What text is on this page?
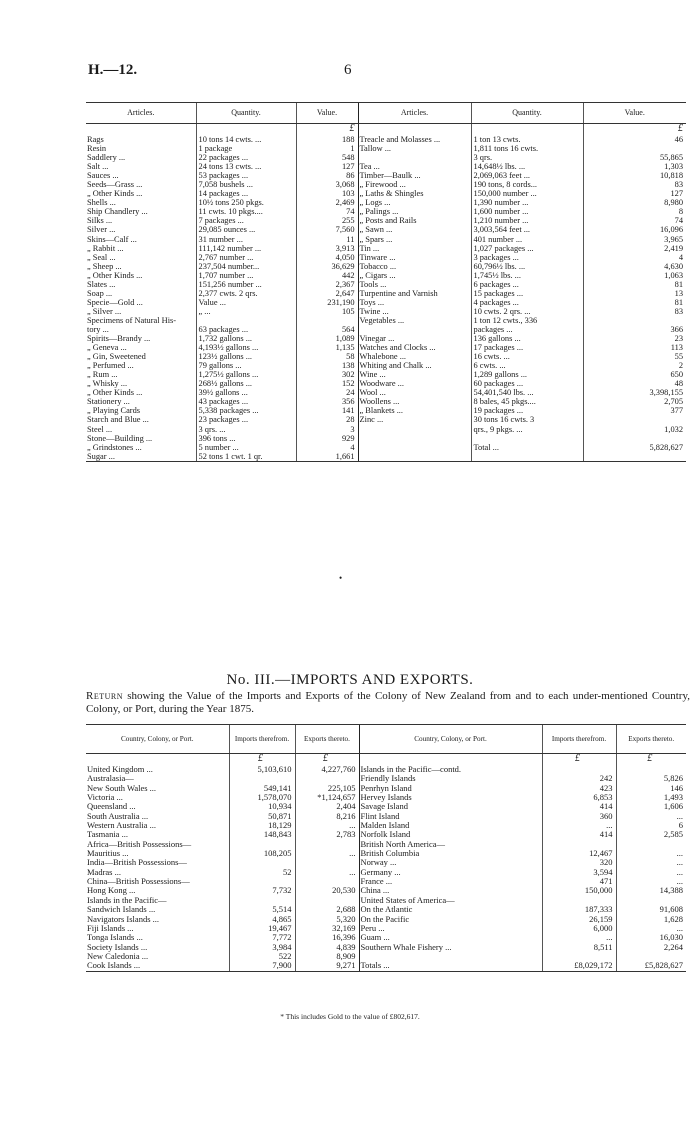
H.—12.	6
Articles.	Quantity.	Value.	Articles.	Quantity.	Value.
		£			£
Rags	10 tons 14 cwts. ...	188	Treacle and Molasses ...	1 ton 13 cwts.	46
Resin	1 package	1	Tallow ...	1,811 tons 16 cwts.	
Saddlery ...	22 packages ...	548		3 qrs.	55,865
Salt ...	24 tons 13 cwts. ...	127	Tea ...	14,648½ lbs. ...	1,303
Sauces ...	53 packages ...	86	Timber—Baulk ...	2,069,063 feet ...	10,818
Seeds—Grass ...	7,058 bushels ...	3,068	„ Firewood ...	190 tons, 8 cords...	83
„ Other Kinds ...	14 packages ...	103	„ Laths & Shingles	150,000 number ...	127
Shells ...	10½ tons 250 pkgs.	2,469	„ Logs ...	1,390 number ...	8,980
Ship Chandlery ...	11 cwts. 10 pkgs....	74	„ Palings ...	1,600 number ...	8
Silks ...	7 packages ...	255	„ Posts and Rails	1,210 number ...	74
Silver ...	29,085 ounces ...	7,560	„ Sawn ...	3,003,564 feet ...	16,096
Skins—Calf ...	31 number ...	11	„ Spars ...	401 number ...	3,965
„ Rabbit ...	111,142 number ...	3,913	Tin ...	1,027 packages ...	2,419
„ Seal ...	2,767 number ...	4,050	Tinware ...	3 packages ...	4
„ Sheep ...	237,504 number...	36,629	Tobacco ...	60,796½ lbs. ...	4,630
„ Other Kinds ...	1,707 number ...	442	„ Cigars ...	1,745½ lbs. ...	1,063
Slates ...	151,256 number ...	2,367	Tools ...	6 packages ...	81
Soap ...	2,377 cwts. 2 qrs.	2,647	Turpentine and Varnish	15 packages ...	13
Specie—Gold ...	Value ...	231,190	Toys ...	4 packages ...	81
„ Silver ...	„ ...	105	Twine ...	10 cwts. 2 qrs. ...	83
Specimens of Natural His-			Vegetables ...	1 ton 12 cwts., 336	
tory ...	63 packages ...	564		packages ...	366
Spirits—Brandy ...	1,732 gallons ...	1,089	Vinegar ...	136 gallons ...	23
„ Geneva ...	4,193½ gallons ...	1,135	Watches and Clocks ...	17 packages ...	113
„ Gin, Sweetened	123½ gallons ...	58	Whalebone ...	16 cwts. ...	55
„ Perfumed ...	79 gallons ...	138	Whiting and Chalk ...	6 cwts. ...	2
„ Rum ...	1,275½ gallons ...	302	Wine ...	1,289 gallons ...	650
„ Whisky ...	268½ gallons ...	152	Woodware ...	60 packages ...	48
„ Other Kinds ...	39½ gallons ...	24	Wool ...	54,401,540 lbs. ...	3,398,155
Stationery ...	43 packages ...	356	Woollens ...	8 bales, 45 pkgs....	2,705
„ Playing Cards	5,338 packages ...	141	„ Blankets ...	19 packages ...	377
Starch and Blue ...	23 packages ...	28	Zinc ...	30 tons 16 cwts. 3	
Steel ...	3 qrs. ...	3		qrs., 9 pkgs. ...	1,032
Stone—Building ...	396 tons ...	929			
„ Grindstones ...	5 number ...	4		Total ...	5,828,627
Sugar ...	52 tons 1 cwt. 1 qr.	1,661			
•
No. III.—IMPORTS AND EXPORTS.
Return showing the Value of the Imports and Exports of the Colony of New Zealand from and to each under-mentioned Country, Colony, or Port, during the Year 1875.
Country, Colony, or Port.	Imports therefrom.	Exports thereto.	Country, Colony, or Port.	Imports therefrom.	Exports thereto.
	£	£		£	£
United Kingdom ...	5,103,610	4,227,760	Islands in the Pacific—contd.		
Australasia—			Friendly Islands	242	5,826
New South Wales ...	549,141	225,105	Penrhyn Island	423	146
Victoria ...	1,578,070	*1,124,657	Hervey Islands	6,853	1,493
Queensland ...	10,934	2,404	Savage Island	414	1,606
South Australia ...	50,871	8,216	Flint Island	360	...
Western Australia ...	18,129	...	Malden Island	...	6
Tasmania ...	148,843	2,783	Norfolk Island	414	2,585
Africa—British Possessions—			British North America—		
Mauritius ...	108,205	...	British Columbia	12,467	...
India—British Possessions—			Norway ...	320	...
Madras ...	52	...	Germany ...	3,594	...
China—British Possessions—			France ...	471	...
Hong Kong ...	7,732	20,530	China ...	150,000	14,388
Islands in the Pacific—			United States of America—		
Sandwich Islands ...	5,514	2,688	On the Atlantic	187,333	91,608
Navigators Islands ...	4,865	5,320	On the Pacific	26,159	1,628
Fiji Islands ...	19,467	32,169	Peru ...	6,000	...
Tonga Islands ...	7,772	16,396	Guam ...	...	16,030
Society Islands ...	3,984	4,839	Southern Whale Fishery ...	8,511	2,264
New Caledonia ...	522	8,909			
Cook Islands ...	7,900	9,271	Totals ...	£8,029,172	£5,828,627
* This includes Gold to the value of £802,617.
